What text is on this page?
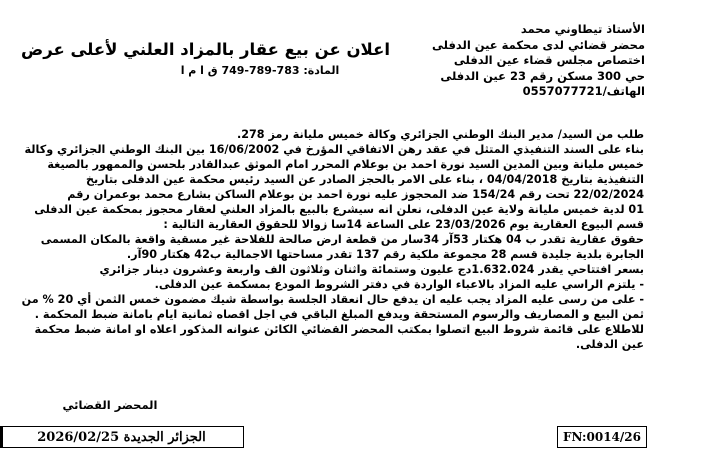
الأستاذ تيطاوني محمد
محضر قضائي لدى محكمة عين الدفلى
اختصاص مجلس قضاء عين الدفلى
حي 300 مسكن رقم 23 عين الدفلى
الهاتف/0557077721
اعلان عن بيع عقار بالمزاد العلني لأعلى عرض
المادة: 783-789-749 ق ا م ا
طلب من السيد/ مدير البنك الوطني الجزائري وكالة خميس مليانة رمز 278.
بناء على السند التنفيذي المتثل في عقد رهن الاتفاقي المؤرخ في 16/06/2002 بين البنك الوطني الجزائري وكالة
خميس مليانة وبين المدين السيد نورة احمد بن بوعلام المحرر امام الموثق عبدالقادر بلحسن والممهور بالصيغة
التنفيذية بتاريخ 04/04/2018 ، بناء على الامر بالحجز الصادر عن السيد رئيس محكمة عين الدفلى بتاريخ
22/02/2024 تحت رقم 154/24 ضد المحجوز عليه نورة احمد بن بوعلام الساكن بشارع محمد بوعمران رقم
01 لدية خميس مليانة ولاية عين الدفلى، نعلن انه سيشرع بالبيع بالمزاد العلني لعقار محجوز بمحكمة عين الدفلى
قسم البيوع العقارية يوم 23/03/2026 على الساعة 14سا زوالا للحقوق العقارية التالية :
حقوق عقارية تقدر ب 04 هكتار 53آر 34سار من قطعة ارض صالحة للفلاحة غير مسقية واقعة بالمكان المسمى
الجابرة بلدية جليدة قسم 28 مجموعة ملكية رقم 137 تقدر مساحتها الاجمالية ب42 هكتار 90آر.
بسعر افتتاحي يقدر 1.632.024دج عليون وستمائة واثنان وثلاثون الف واربعة وعشرون دينار جزائري
- يلتزم الراسي عليه المزاد بالاعباء الواردة في دفتر الشروط المودع بمسكمة عين الدفلى.
- على من رسى عليه المزاد يجب عليه ان يدفع حال انعقاد الجلسة بواسطة شيك مضمون خمس الثمن أي 20 % من
ثمن البيع و المصاريف والرسوم المستحقة ويدفع المبلغ الباقي في اجل اقصاه ثمانية ايام بامانة ضبط المحكمة .
للاطلاع على قائمة شروط البيع اتصلوا بمكتب المحضر القضائي الكائن عنوانه المذكور اعلاه او امانة ضبط محكمة
عين الدفلى.
المحضر القضائي
الجزائر الجديدة 2026/02/25	FN:0014/26
